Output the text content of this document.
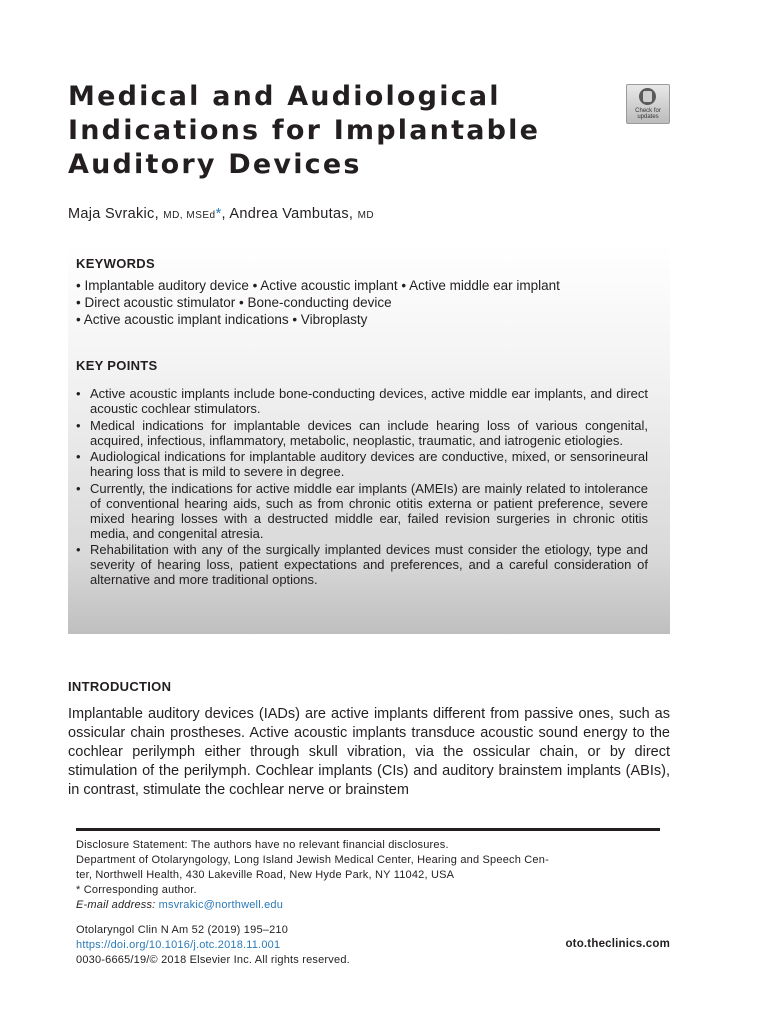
Medical and Audiological Indications for Implantable Auditory Devices
Check for updates
Maja Svrakic, MD, MSEd*, Andrea Vambutas, MD
KEYWORDS

• Implantable auditory device • Active acoustic implant • Active middle ear implant

• Direct acoustic stimulator • Bone-conducting device

• Active acoustic implant indications • Vibroplasty

KEY POINTS
• Active acoustic implants include bone-conducting devices, active middle ear implants, and direct acoustic cochlear stimulators.
• Medical indications for implantable devices can include hearing loss of various congenital, acquired, infectious, inflammatory, metabolic, neoplastic, traumatic, and iatrogenic etiologies.
• Audiological indications for implantable auditory devices are conductive, mixed, or sensorineural hearing loss that is mild to severe in degree.
• Currently, the indications for active middle ear implants (AMEIs) are mainly related to intolerance of conventional hearing aids, such as from chronic otitis externa or patient preference, severe mixed hearing losses with a destructed middle ear, failed revision surgeries in chronic otitis media, and congenital atresia.
• Rehabilitation with any of the surgically implanted devices must consider the etiology, type and severity of hearing loss, patient expectations and preferences, and a careful consideration of alternative and more traditional options.
INTRODUCTION

Implantable auditory devices (IADs) are active implants different from passive ones, such as ossicular chain prostheses. Active acoustic implants transduce acoustic sound energy to the cochlear perilymph either through skull vibration, via the ossicular chain, or by direct stimulation of the perilymph. Cochlear implants (CIs) and auditory brainstem implants (ABIs), in contrast, stimulate the cochlear nerve or brainstem

Disclosure Statement: The authors have no relevant financial disclosures.
Department of Otolaryngology, Long Island Jewish Medical Center, Hearing and Speech Cen-
ter, Northwell Health, 430 Lakeville Road, New Hyde Park, NY 11042, USA
* Corresponding author.
E-mail address: msvrakic@northwell.edu
Otolaryngol Clin N Am 52 (2019) 195–210
https://doi.org/10.1016/j.otc.2018.11.001
0030-6665/19/© 2018 Elsevier Inc. All rights reserved.
oto.theclinics.com
